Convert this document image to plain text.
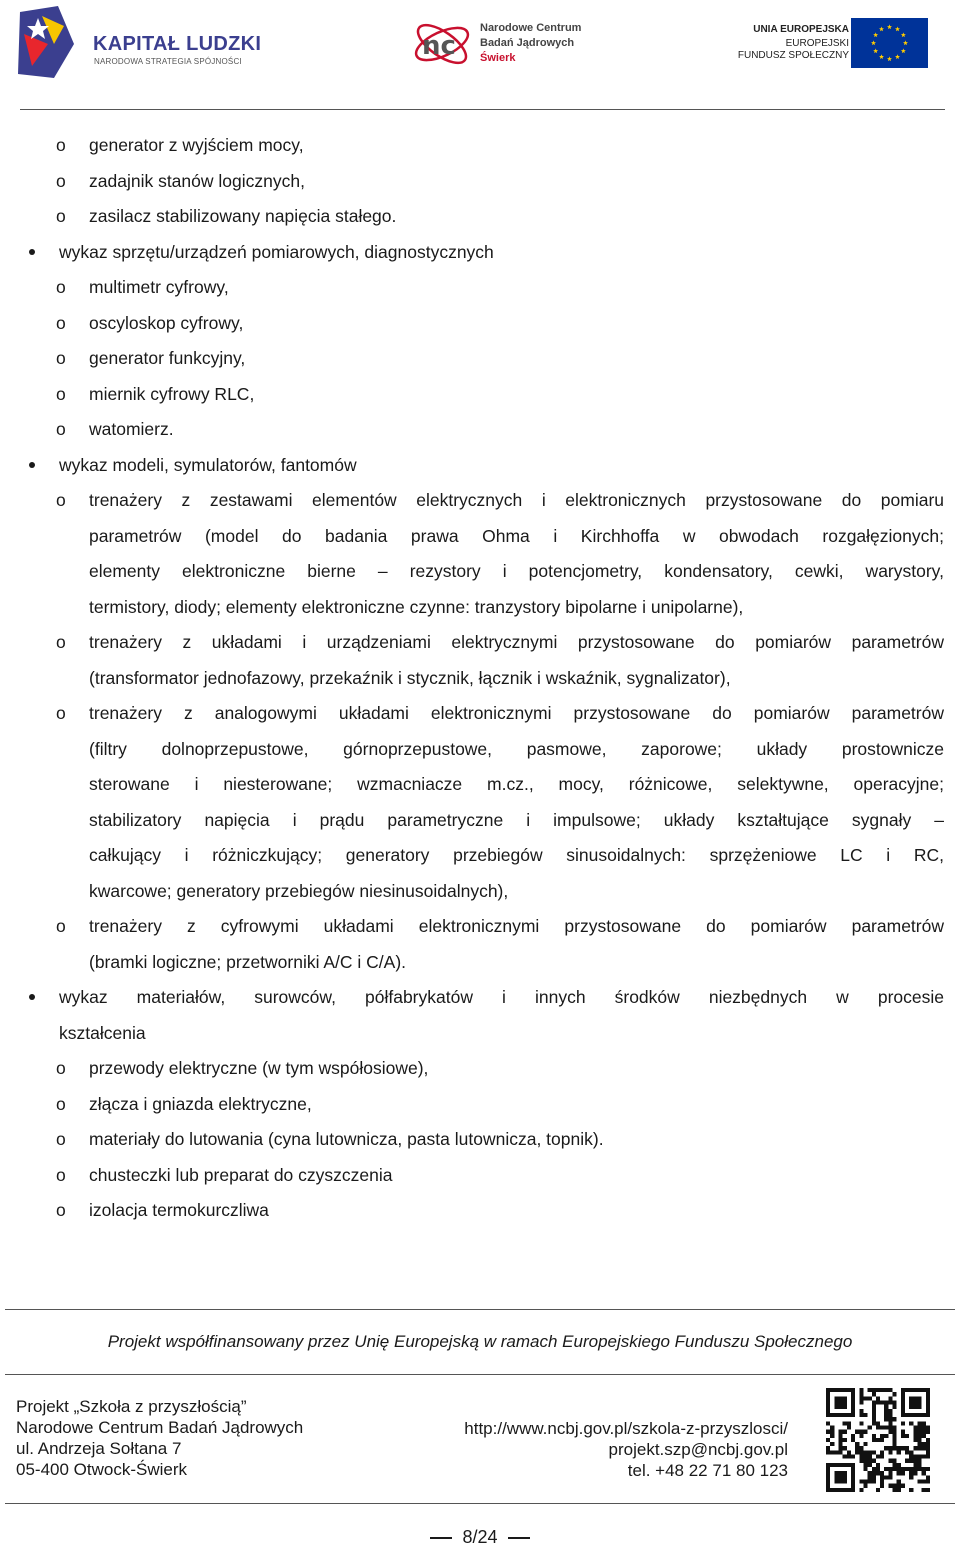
KAPITAŁ LUDZKI
NARODOWA STRATEGIA SPÓJNOŚCI
nc
Narodowe Centrum
Badań Jądrowych
Świerk
UNIA EUROPEJSKA
EUROPEJSKI
FUNDUSZ SPOŁECZNY
o generator z wyjściem mocy,
o zadajnik stanów logicznych,
o zasilacz stabilizowany napięcia stałego.
wykaz sprzętu/urządzeń pomiarowych, diagnostycznych
o multimetr cyfrowy,
o oscyloskop cyfrowy,
o generator funkcyjny,
o miernik cyfrowy RLC,
o watomierz.
wykaz modeli, symulatorów, fantomów
o trenażery z zestawami elementów elektrycznych i elektronicznych przystosowane do pomiaru
parametrów (model do badania prawa Ohma i Kirchhoffa w obwodach rozgałęzionych;
elementy elektroniczne bierne – rezystory i potencjometry, kondensatory, cewki, warystory,
termistory, diody; elementy elektroniczne czynne: tranzystory bipolarne i unipolarne),
o trenażery z układami i urządzeniami elektrycznymi przystosowane do pomiarów parametrów
(transformator jednofazowy, przekaźnik i stycznik, łącznik i wskaźnik, sygnalizator),
o trenażery z analogowymi układami elektronicznymi przystosowane do pomiarów parametrów
(filtry dolnoprzepustowe, górnoprzepustowe, pasmowe, zaporowe; układy prostownicze
sterowane i niesterowane; wzmacniacze m.cz., mocy, różnicowe, selektywne, operacyjne;
stabilizatory napięcia i prądu parametryczne i impulsowe; układy kształtujące sygnały –
całkujący i różniczkujący; generatory przebiegów sinusoidalnych: sprzężeniowe LC i RC,
kwarcowe; generatory przebiegów niesinusoidalnych),
o trenażery z cyfrowymi układami elektronicznymi przystosowane do pomiarów parametrów
(bramki logiczne; przetworniki A/C i C/A).
wykaz materiałów, surowców, półfabrykatów i innych środków niezbędnych w procesie
kształcenia
o przewody elektryczne (w tym współosiowe),
o złącza i gniazda elektryczne,
o materiały do lutowania (cyna lutownicza, pasta lutownicza, topnik).
o chusteczki lub preparat do czyszczenia
o izolacja termokurczliwa
Projekt współfinansowany przez Unię Europejską w ramach Europejskiego Funduszu Społecznego
Projekt „Szkoła z przyszłością”
Narodowe Centrum Badań Jądrowych
ul. Andrzeja Sołtana 7
05-400 Otwock-Świerk
http://www.ncbj.gov.pl/szkola-z-przyszlosci/
projekt.szp@ncbj.gov.pl
tel. +48 22 71 80 123
8/24
